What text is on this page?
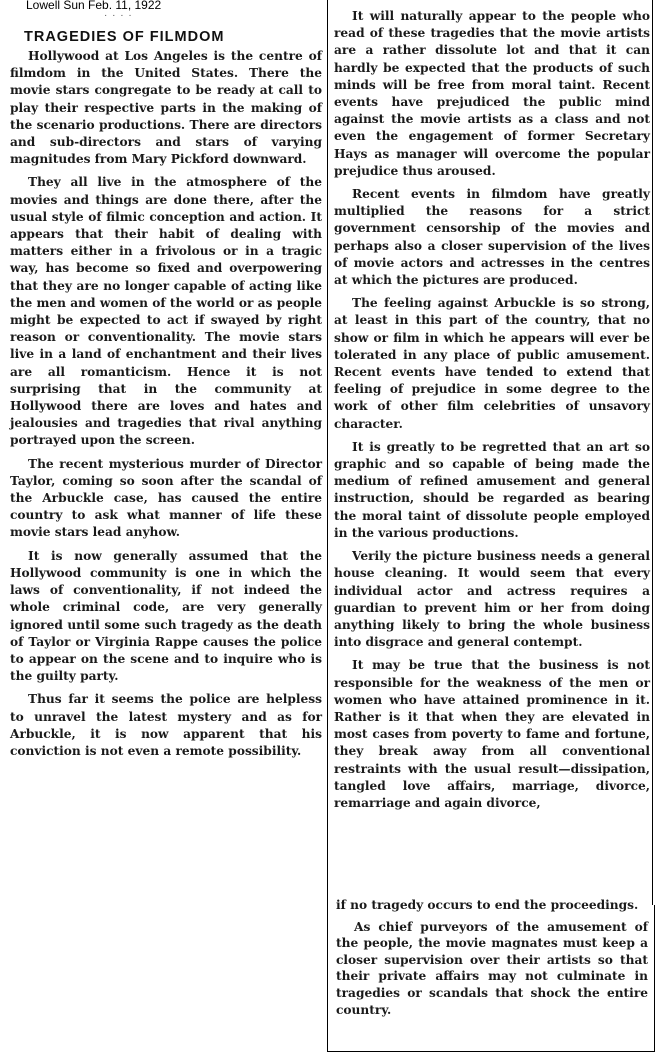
Lowell Sun Feb. 11, 1922
· · · ·
TRAGEDIES OF FILMDOM

Hollywood at Los Angeles is the centre of filmdom in the United States. There the movie stars congregate to be ready at call to play their respective parts in the making of the scenario productions. There are directors and sub-directors and stars of varying magnitudes from Mary Pickford downward.

They all live in the atmosphere of the movies and things are done there, after the usual style of filmic conception and action. It appears that their habit of dealing with matters either in a frivolous or in a tragic way, has become so fixed and overpowering that they are no longer capable of acting like the men and women of the world or as people might be expected to act if swayed by right reason or conventionality. The movie stars live in a land of enchantment and their lives are all romanticism. Hence it is not surprising that in the community at Hollywood there are loves and hates and jealousies and tragedies that rival anything portrayed upon the screen.

The recent mysterious murder of Director Taylor, coming so soon after the scandal of the Arbuckle case, has caused the entire country to ask what manner of life these movie stars lead anyhow.

It is now generally assumed that the Hollywood community is one in which the laws of conventionality, if not indeed the whole criminal code, are very generally ignored until some such tragedy as the death of Taylor or Virginia Rappe causes the police to appear on the scene and to inquire who is the guilty party.

Thus far it seems the police are helpless to unravel the latest mystery and as for Arbuckle, it is now apparent that his conviction is not even a remote possibility.

It will naturally appear to the people who read of these tragedies that the movie artists are a rather dissolute lot and that it can hardly be expected that the products of such minds will be free from moral taint. Recent events have prejudiced the public mind against the movie artists as a class and not even the engagement of former Secretary Hays as manager will overcome the popular prejudice thus aroused.

Recent events in filmdom have greatly multiplied the reasons for a strict government censorship of the movies and perhaps also a closer supervision of the lives of movie actors and actresses in the centres at which the pictures are produced.

The feeling against Arbuckle is so strong, at least in this part of the country, that no show or film in which he appears will ever be tolerated in any place of public amusement. Recent events have tended to extend that feeling of prejudice in some degree to the work of other film celebrities of unsavory character.

It is greatly to be regretted that an art so graphic and so capable of being made the medium of refined amusement and general instruction, should be regarded as bearing the moral taint of dissolute people employed in the various productions.

Verily the picture business needs a general house cleaning. It would seem that every individual actor and actress requires a guardian to prevent him or her from doing anything likely to bring the whole business into disgrace and general contempt.

It may be true that the business is not responsible for the weakness of the men or women who have attained prominence in it. Rather is it that when they are elevated in most cases from poverty to fame and fortune, they break away from all conventional restraints with the usual result—dissipation, tangled love affairs, marriage, divorce, remarriage and again divorce,

if no tragedy occurs to end the proceedings.

As chief purveyors of the amusement of the people, the movie magnates must keep a closer supervision over their artists so that their private affairs may not culminate in tragedies or scandals that shock the entire country.
